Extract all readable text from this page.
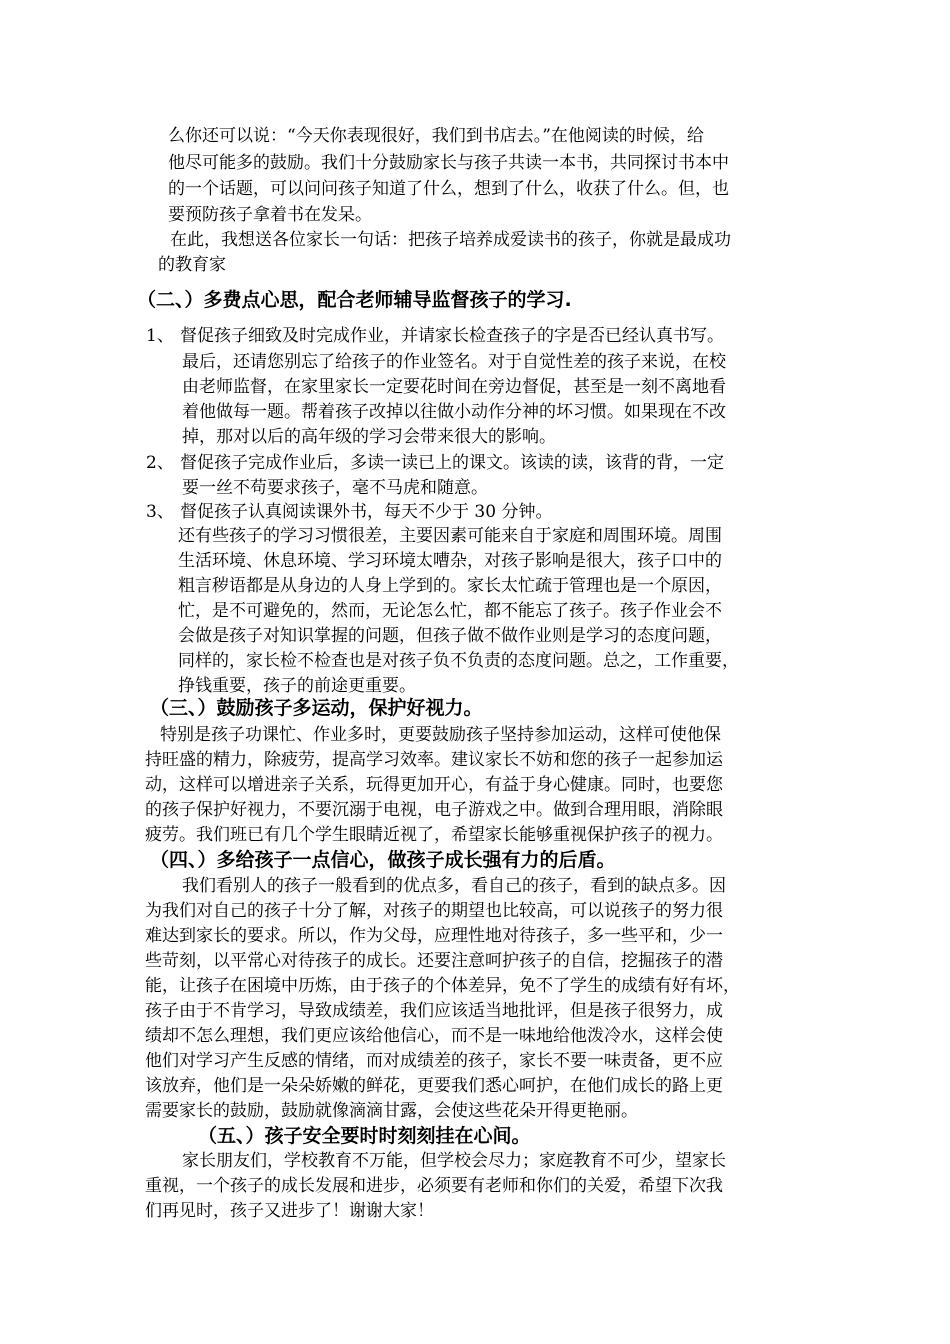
么你还可以说：“今天你表现很好，我们到书店去。”在他阅读的时候，给
他尽可能多的鼓励。我们十分鼓励家长与孩子共读一本书，共同探讨书本中
的一个话题，可以问问孩子知道了什么，想到了什么，收获了什么。但，也
要预防孩子拿着书在发呆。
在此，我想送各位家长一句话：把孩子培养成爱读书的孩子，你就是最成功
的教育家
（二、）多费点心思，配合老师辅导监督孩子的学习.
1、 督促孩子细致及时完成作业，并请家长检查孩子的字是否已经认真书写。
最后，还请您别忘了给孩子的作业签名。对于自觉性差的孩子来说，在校
由老师监督，在家里家长一定要花时间在旁边督促，甚至是一刻不离地看
着他做每一题。帮着孩子改掉以往做小动作分神的坏习惯。如果现在不改
掉，那对以后的高年级的学习会带来很大的影响。
2、 督促孩子完成作业后，多读一读已上的课文。该读的读，该背的背，一定
要一丝不苟要求孩子，毫不马虎和随意。
3、 督促孩子认真阅读课外书，每天不少于 30 分钟。
还有些孩子的学习习惯很差，主要因素可能来自于家庭和周围环境。周围
生活环境、休息环境、学习环境太嘈杂，对孩子影响是很大，孩子口中的
粗言秽语都是从身边的人身上学到的。家长太忙疏于管理也是一个原因，
忙，是不可避免的，然而，无论怎么忙，都不能忘了孩子。孩子作业会不
会做是孩子对知识掌握的问题，但孩子做不做作业则是学习的态度问题，
同样的，家长检不检查也是对孩子负不负责的态度问题。总之，工作重要，
挣钱重要，孩子的前途更重要。
（三、）鼓励孩子多运动，保护好视力。
特别是孩子功课忙、作业多时，更要鼓励孩子坚持参加运动，这样可使他保
持旺盛的精力，除疲劳，提高学习效率。建议家长不妨和您的孩子一起参加运
动，这样可以增进亲子关系，玩得更加开心，有益于身心健康。同时，也要您
的孩子保护好视力，不要沉溺于电视，电子游戏之中。做到合理用眼，消除眼
疲劳。我们班已有几个学生眼睛近视了，希望家长能够重视保护孩子的视力。
（四、）多给孩子一点信心，做孩子成长强有力的后盾。
我们看别人的孩子一般看到的优点多，看自己的孩子，看到的缺点多。因
为我们对自己的孩子十分了解，对孩子的期望也比较高，可以说孩子的努力很
难达到家长的要求。所以，作为父母，应理性地对待孩子，多一些平和，少一
些苛刻，以平常心对待孩子的成长。还要注意呵护孩子的自信，挖掘孩子的潜
能，让孩子在困境中历炼，由于孩子的个体差异，免不了学生的成绩有好有坏，
孩子由于不肯学习，导致成绩差，我们应该适当地批评，但是孩子很努力，成
绩却不怎么理想，我们更应该给他信心，而不是一味地给他泼冷水，这样会使
他们对学习产生反感的情绪，而对成绩差的孩子，家长不要一味责备，更不应
该放弃，他们是一朵朵娇嫩的鲜花，更要我们悉心呵护，在他们成长的路上更
需要家长的鼓励，鼓励就像滴滴甘露，会使这些花朵开得更艳丽。
（五、）孩子安全要时时刻刻挂在心间。
家长朋友们，学校教育不万能，但学校会尽力；家庭教育不可少，望家长
重视，一个孩子的成长发展和进步，必须要有老师和你们的关爱，希望下次我
们再见时，孩子又进步了！谢谢大家！
